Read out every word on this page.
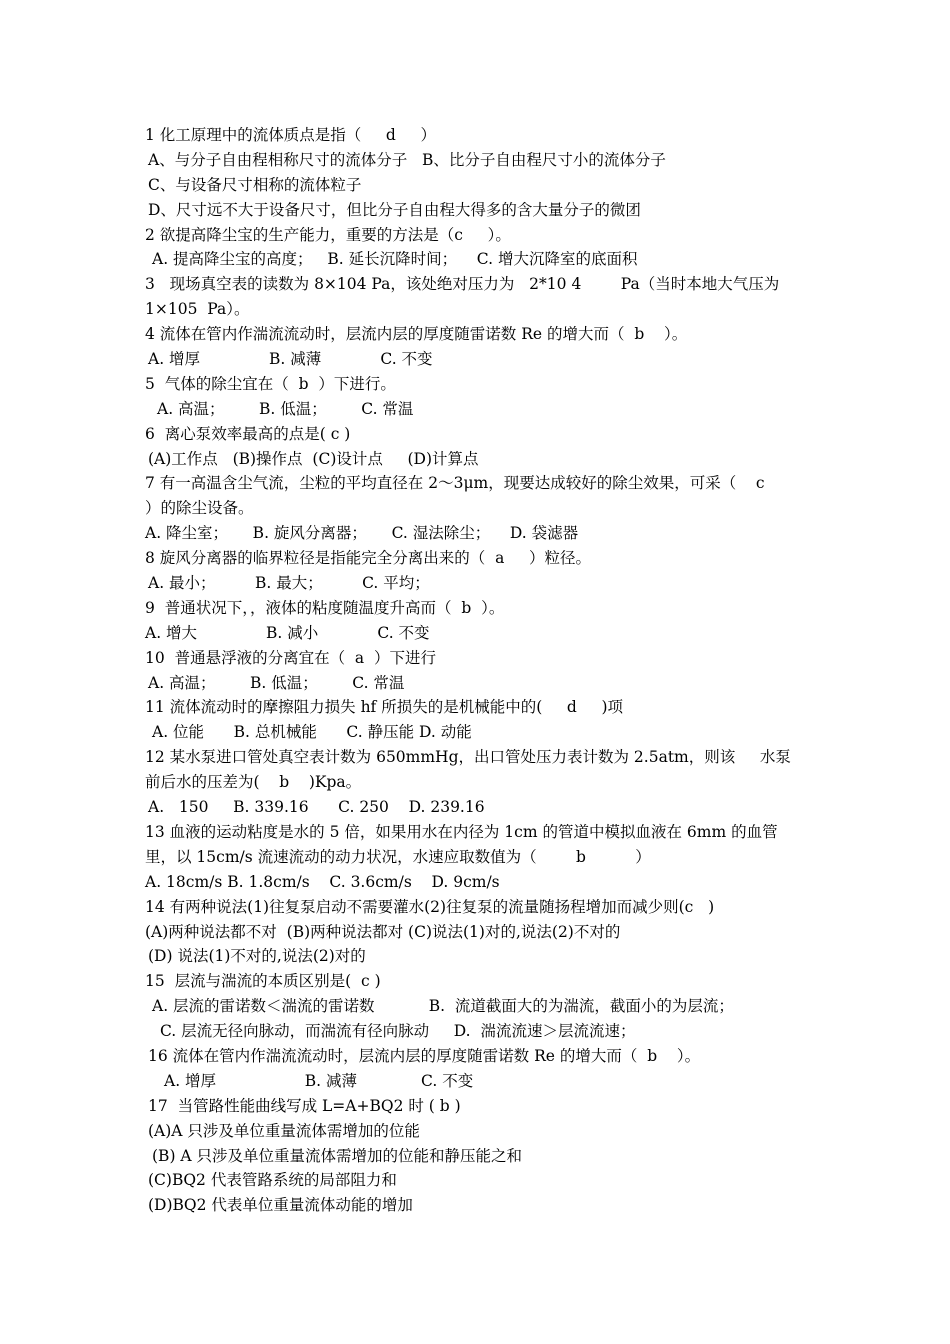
1 化工原理中的流体质点是指（     d     ）
A、与分子自由程相称尺寸的流体分子   B、比分子自由程尺寸小的流体分子
C、与设备尺寸相称的流体粒子
D、尺寸远不大于设备尺寸，但比分子自由程大得多的含大量分子的微团
2 欲提高降尘宝的生产能力，重要的方法是（c     ）。
A. 提高降尘宝的高度；   B. 延长沉降时间；    C. 增大沉降室的底面积
3   现场真空表的读数为 8×104 Pa，该处绝对压力为   2*10 4        Pa（当时本地大气压为
1×105  Pa）。
4 流体在管内作湍流流动时，层流内层的厚度随雷诺数 Re 的增大而（  b    ）。
A. 增厚              B. 减薄            C. 不变
5  气体的除尘宜在（  b  ）下进行。
A. 高温；       B. 低温；       C. 常温
6  离心泵效率最高的点是( c )
(A)工作点   (B)操作点  (C)设计点     (D)计算点
7 有一高温含尘气流，尘粒的平均直径在 2～3μm，现要达成较好的除尘效果，可采（    c
）的除尘设备。
A. 降尘室；     B. 旋风分离器；     C. 湿法除尘；    D. 袋滤器
8 旋风分离器的临界粒径是指能完全分离出来的（  a     ）粒径。
A. 最小；        B. 最大；        C. 平均；
9  普通状况下，，液体的粘度随温度升高而（  b  ）。
A. 增大              B. 减小            C. 不变
10  普通悬浮液的分离宜在（  a  ）下进行
A. 高温；       B. 低温；       C. 常温
11 流体流动时的摩擦阻力损失 hf 所损失的是机械能中的(     d     )项
A. 位能      B. 总机械能      C. 静压能 D. 动能
12 某水泵进口管处真空表计数为 650mmHg，出口管处压力表计数为 2.5atm，则该     水泵
前后水的压差为(    b    )Kpa。
A.   150     B. 339.16      C. 250    D. 239.16
13 血液的运动粘度是水的 5 倍，如果用水在内径为 1cm 的管道中模拟血液在 6mm 的血管
里，以 15cm/s 流速流动的动力状况，水速应取数值为（        b          ）
A. 18cm/s B. 1.8cm/s    C. 3.6cm/s    D. 9cm/s
14 有两种说法(1)往复泵启动不需要灌水(2)往复泵的流量随扬程增加而减少则(c   )
(A)两种说法都不对  (B)两种说法都对 (C)说法(1)对的,说法(2)不对的
(D) 说法(1)不对的,说法(2)对的
15  层流与湍流的本质区别是(  c )
A. 层流的雷诺数＜湍流的雷诺数           B.  流道截面大的为湍流，截面小的为层流；
C. 层流无径向脉动，而湍流有径向脉动     D.  湍流流速＞层流流速；
16 流体在管内作湍流流动时，层流内层的厚度随雷诺数 Re 的增大而（  b    ）。
A. 增厚                  B. 减薄             C. 不变
17  当管路性能曲线写成 L=A+BQ2 时 ( b )
(A)A 只涉及单位重量流体需增加的位能
(B) A 只涉及单位重量流体需增加的位能和静压能之和
(C)BQ2 代表管路系统的局部阻力和
(D)BQ2 代表单位重量流体动能的增加
